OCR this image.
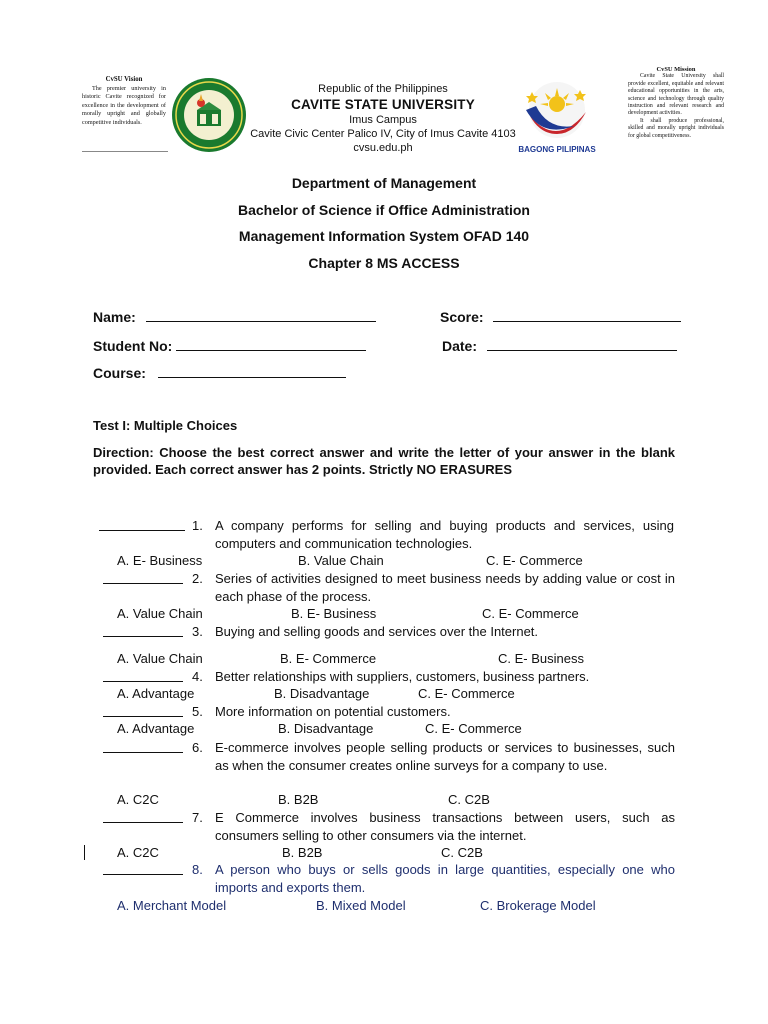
CvSU Vision
The premier university in historic Cavite recognized for excellence in the development of morally upright and globally competitive individuals.
Republic of the Philippines
CAVITE STATE UNIVERSITY
Imus Campus
Cavite Civic Center Palico IV, City of Imus Cavite 4103
cvsu.edu.ph	BAGONG PILIPINAS
CvSU Mission

Cavite State University shall provide excellent, equitable and relevant educational opportunities in the arts, science and technology through quality instruction and relevant research and development activities.

It shall produce professional, skilled and morally upright individuals for global competitiveness.

Department of Management
Bachelor of Science if Office Administration
Management Information System OFAD 140
Chapter 8 MS ACCESS
Name:	Score:
Student No:	Date:
Course:
Test I: Multiple Choices
Direction: Choose the best correct answer and write the letter of your answer in the blank provided. Each correct answer has 2 points. Strictly NO ERASURES
1. A company performs for selling and buying products and services, using computers and communication technologies.
A. E- Business	B. Value Chain	C. E- Commerce
2. Series of activities designed to meet business needs by adding value or cost in each phase of the process.
A. Value Chain	B. E- Business	C. E- Commerce
3. Buying and selling goods and services over the Internet.
A. Value Chain	B. E- Commerce	C. E- Business
4. Better relationships with suppliers, customers, business partners.
A. Advantage	B. Disadvantage	C. E- Commerce
5. More information on potential customers.
A. Advantage	B. Disadvantage	C. E- Commerce
6. E-commerce involves people selling products or services to businesses, such as when the consumer creates online surveys for a company to use.
A. C2C	B. B2B	C. C2B
7. E Commerce involves business transactions between users, such as consumers selling to other consumers via the internet.
A. C2C	B. B2B	C. C2B
8. A person who buys or sells goods in large quantities, especially one who imports and exports them.
A. Merchant Model	B. Mixed Model	C. Brokerage Model
